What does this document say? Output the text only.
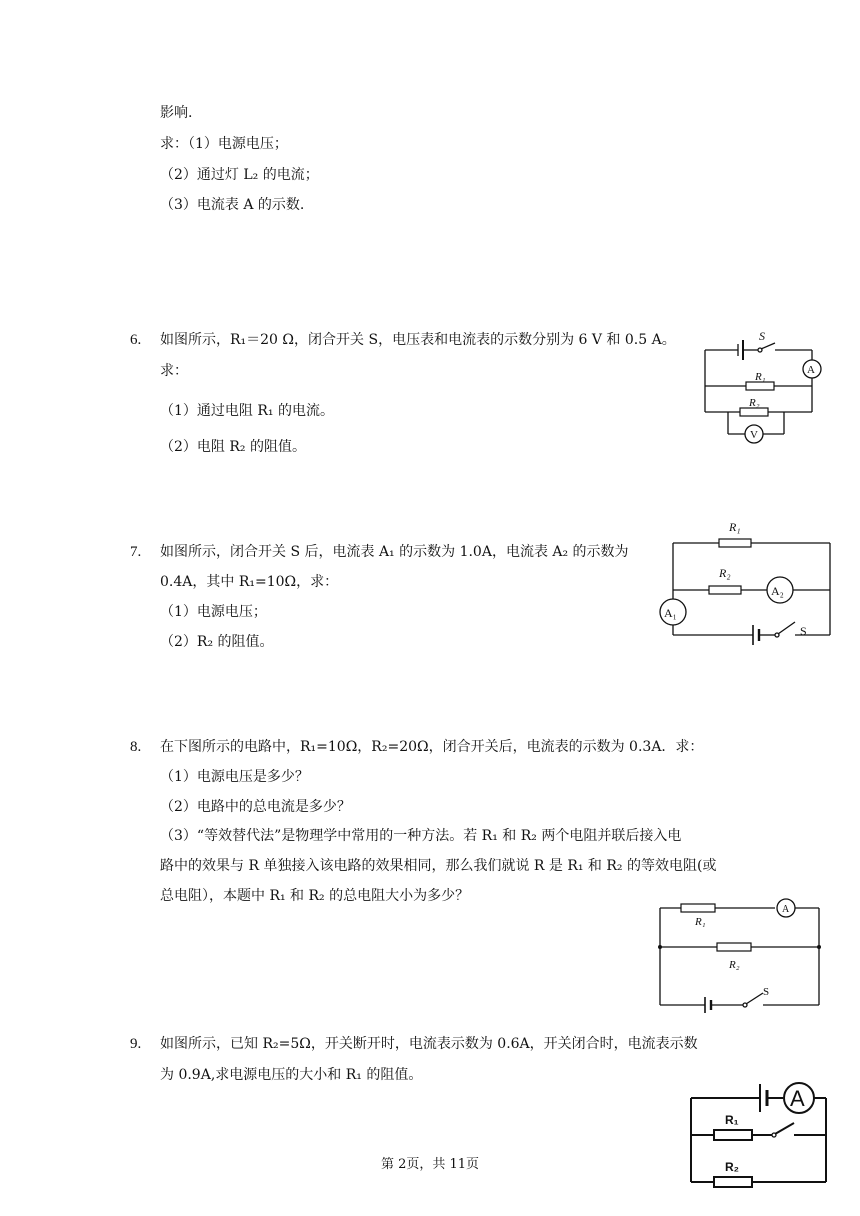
影响.
求：（1）电源电压；
（2）通过灯 L₂ 的电流；
（3）电流表 A 的示数.
6. 如图所示，R₁＝20 Ω，闭合开关 S，电压表和电流表的示数分别为 6 V 和 0.5 A。
求：
（1）通过电阻 R₁ 的电流。
（2）电阻 R₂ 的阻值。
S
A
R₁
R₂
V
7. 如图所示，闭合开关 S 后，电流表 A₁ 的示数为 1.0A，电流表 A₂ 的示数为
0.4A，其中 R₁=10Ω，求：
（1）电源电压；
（2）R₂ 的阻值。
R₁
R₂
A₂
A₁
S
8. 在下图所示的电路中，R₁=10Ω，R₂=20Ω，闭合开关后，电流表的示数为 0.3A．求：
（1）电源电压是多少？
（2）电路中的总电流是多少？
（3）“等效替代法”是物理学中常用的一种方法。若 R₁ 和 R₂ 两个电阻并联后接入电
路中的效果与 R 单独接入该电路的效果相同，那么我们就说 R 是 R₁ 和 R₂ 的等效电阻(或
总电阻），本题中 R₁ 和 R₂ 的总电阻大小为多少？
R₁
A
R₂
S
9. 如图所示，已知 R₂=5Ω，开关断开时，电流表示数为 0.6A，开关闭合时，电流表示数
为 0.9A,求电源电压的大小和 R₁ 的阻值。
A
R₁
R₂
第 2页，共 11页
